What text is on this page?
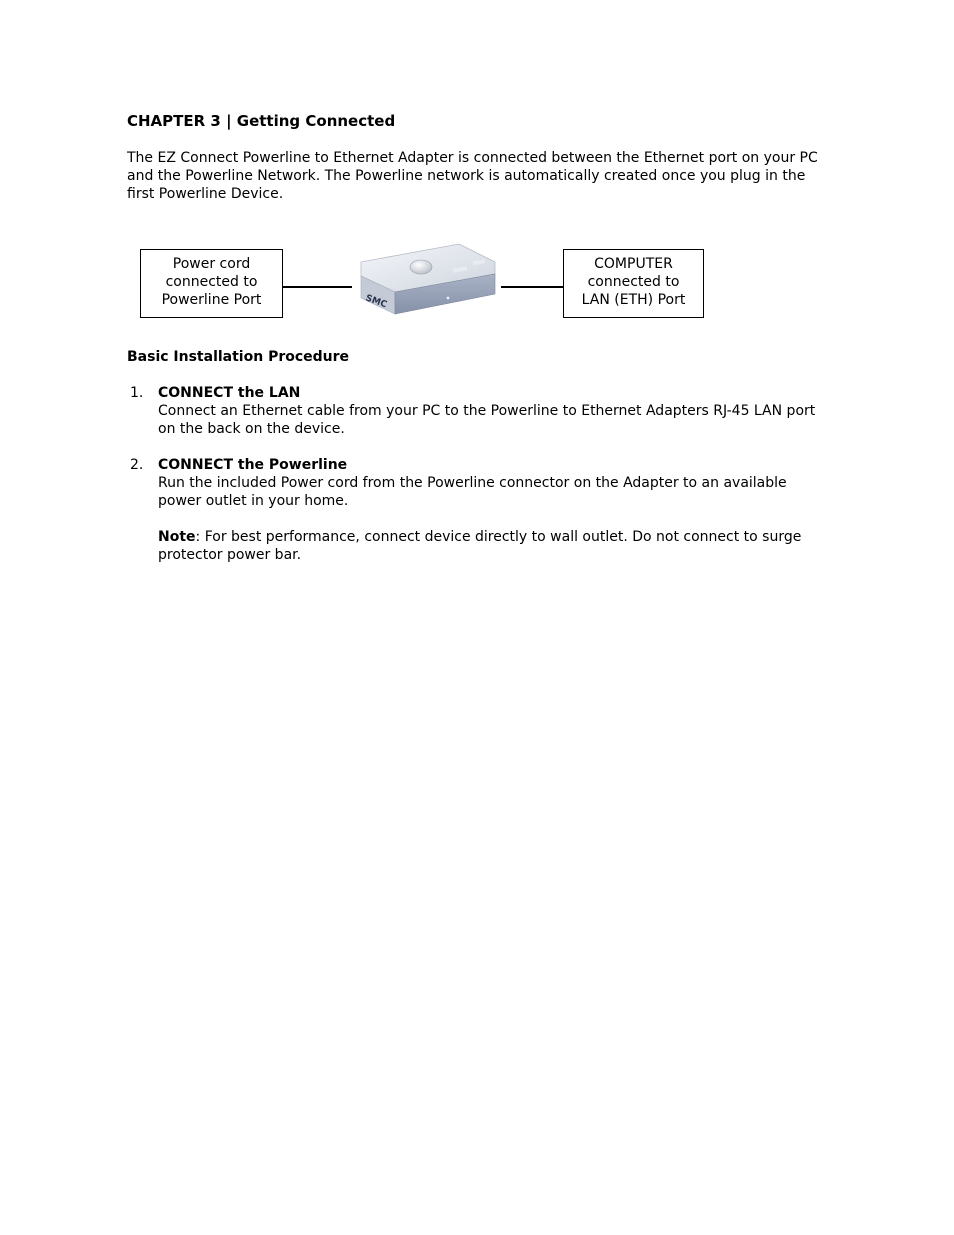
CHAPTER 3 | Getting Connected

The EZ Connect Powerline to Ethernet Adapter is connected between the Ethernet port on your PC and the Powerline Network. The Powerline network is automatically created once you plug in the first Powerline Device.

Power cord
connected to
Powerline Port	SMC
COMPUTER
connected to
LAN (ETH) Port
Basic Installation Procedure
1. CONNECT the LAN
Connect an Ethernet cable from your PC to the Powerline to Ethernet Adapters RJ-45 LAN port on the back on the device.
2. CONNECT the Powerline
Run the included Power cord from the Powerline connector on the Adapter to an available power outlet in your home.
Note: For best performance, connect device directly to wall outlet. Do not connect to surge protector power bar.
